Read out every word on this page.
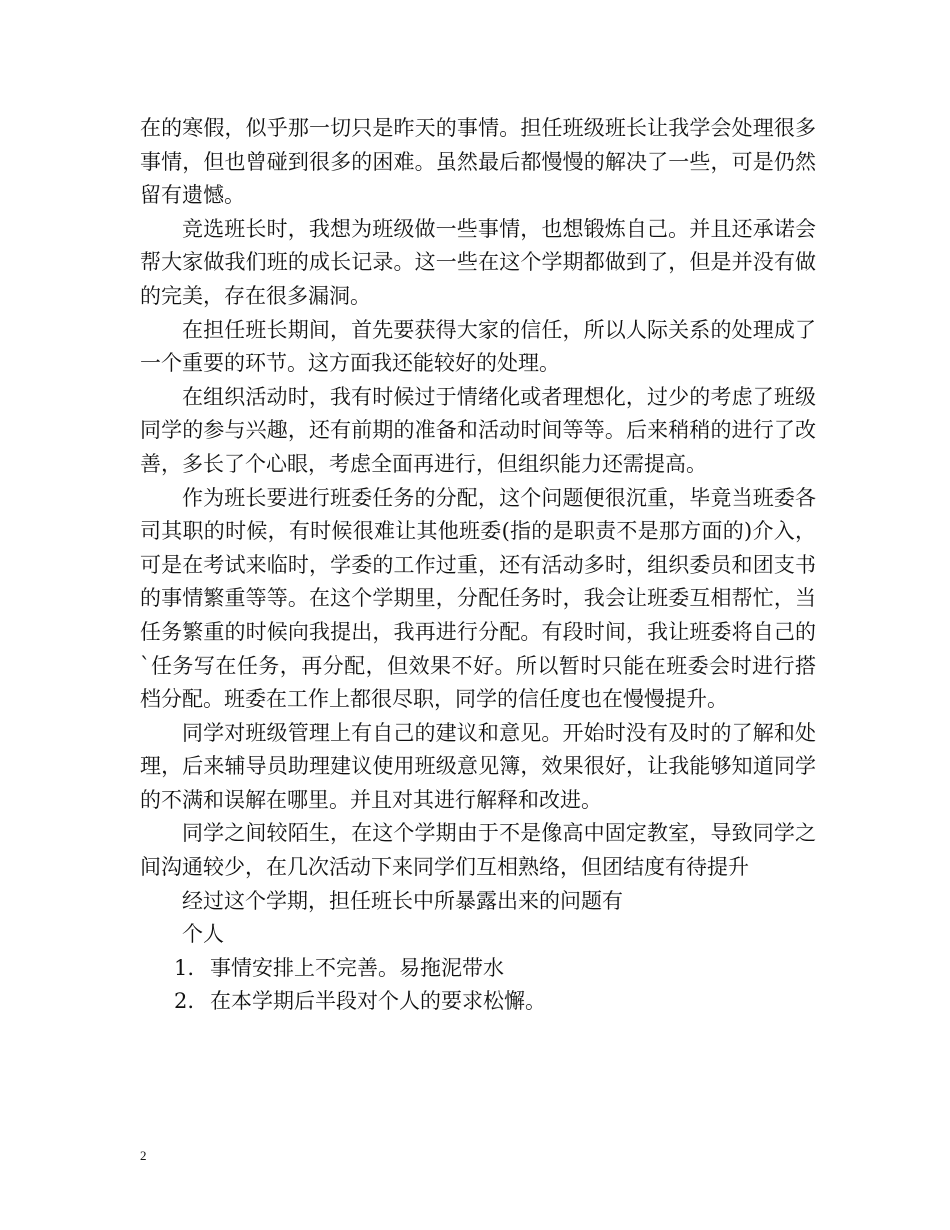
在的寒假，似乎那一切只是昨天的事情。担任班级班长让我学会处理很多事情，但也曾碰到很多的困难。虽然最后都慢慢的解决了一些，可是仍然留有遗憾。

竞选班长时，我想为班级做一些事情，也想锻炼自己。并且还承诺会帮大家做我们班的成长记录。这一些在这个学期都做到了，但是并没有做的完美，存在很多漏洞。

在担任班长期间，首先要获得大家的信任，所以人际关系的处理成了一个重要的环节。这方面我还能较好的处理。

在组织活动时，我有时候过于情绪化或者理想化，过少的考虑了班级同学的参与兴趣，还有前期的准备和活动时间等等。后来稍稍的进行了改善，多长了个心眼，考虑全面再进行，但组织能力还需提高。

作为班长要进行班委任务的分配，这个问题便很沉重，毕竟当班委各司其职的时候，有时候很难让其他班委(指的是职责不是那方面的)介入，可是在考试来临时，学委的工作过重，还有活动多时，组织委员和团支书的事情繁重等等。在这个学期里，分配任务时，我会让班委互相帮忙，当任务繁重的时候向我提出，我再进行分配。有段时间，我让班委将自己的`任务写在任务，再分配，但效果不好。所以暂时只能在班委会时进行搭档分配。班委在工作上都很尽职，同学的信任度也在慢慢提升。

同学对班级管理上有自己的建议和意见。开始时没有及时的了解和处理，后来辅导员助理建议使用班级意见簿，效果很好，让我能够知道同学的不满和误解在哪里。并且对其进行解释和改进。

同学之间较陌生，在这个学期由于不是像高中固定教室，导致同学之间沟通较少，在几次活动下来同学们互相熟络，但团结度有待提升

经过这个学期，担任班长中所暴露出来的问题有

个人

1. 事情安排上不完善。易拖泥带水

2. 在本学期后半段对个人的要求松懈。

2
